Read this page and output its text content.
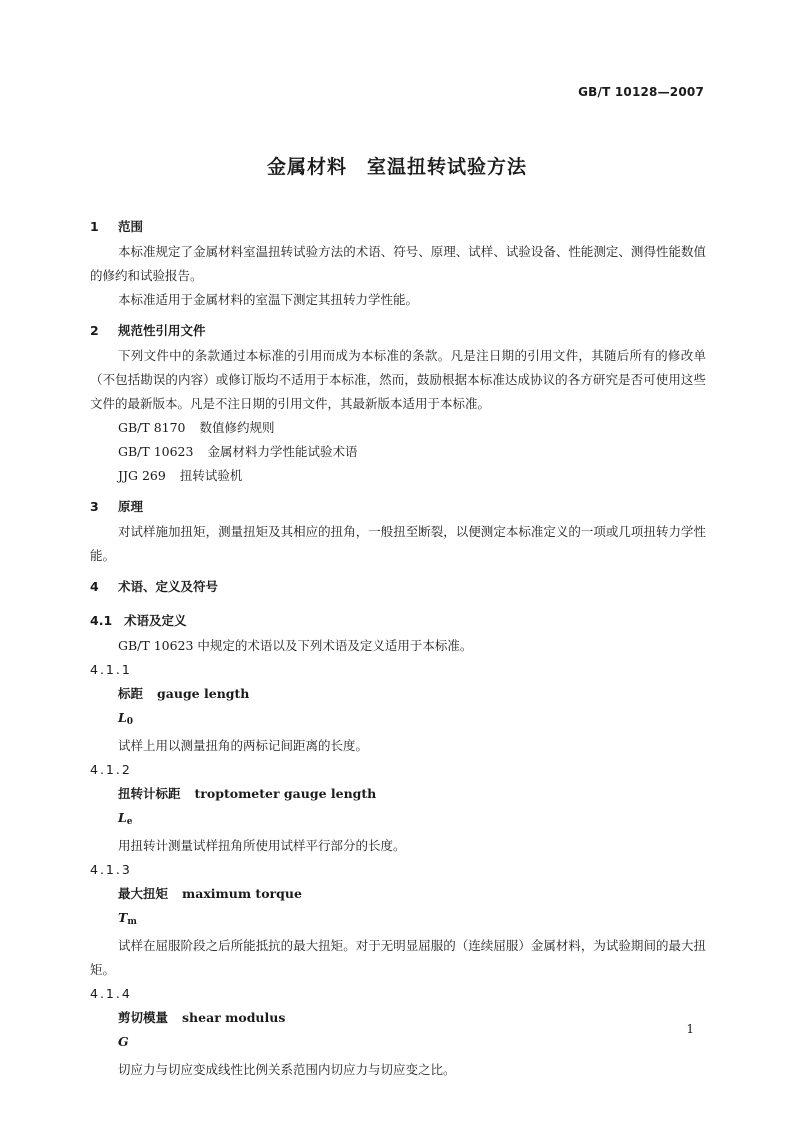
GB/T 10128—2007
金属材料　室温扭转试验方法
1 范围

本标准规定了金属材料室温扭转试验方法的术语、符号、原理、试样、试验设备、性能测定、测得性能数值的修约和试验报告。

本标准适用于金属材料的室温下测定其扭转力学性能。

2 规范性引用文件

下列文件中的条款通过本标准的引用而成为本标准的条款。凡是注日期的引用文件，其随后所有的修改单（不包括勘误的内容）或修订版均不适用于本标准，然而，鼓励根据本标准达成协议的各方研究是否可使用这些文件的最新版本。凡是不注日期的引用文件，其最新版本适用于本标准。

GB/T 8170 数值修约规则

GB/T 10623 金属材料力学性能试验术语

JJG 269 扭转试验机

3 原理

对试样施加扭矩，测量扭矩及其相应的扭角，一般扭至断裂，以便测定本标准定义的一项或几项扭转力学性能。

4 术语、定义及符号
4.1 术语及定义

GB/T 10623 中规定的术语以及下列术语及定义适用于本标准。

4.1.1
标距 gauge length
$L_0$

试样上用以测量扭角的两标记间距离的长度。

4.1.2
扭转计标距 troptometer gauge length
$L_e$

用扭转计测量试样扭角所使用试样平行部分的长度。

4.1.3
最大扭矩 maximum torque
$T_m$

试样在屈服阶段之后所能抵抗的最大扭矩。对于无明显屈服的（连续屈服）金属材料，为试验期间的最大扭矩。

4.1.4
剪切模量 shear modulus
G

切应力与切应变成线性比例关系范围内切应力与切应变之比。

1
